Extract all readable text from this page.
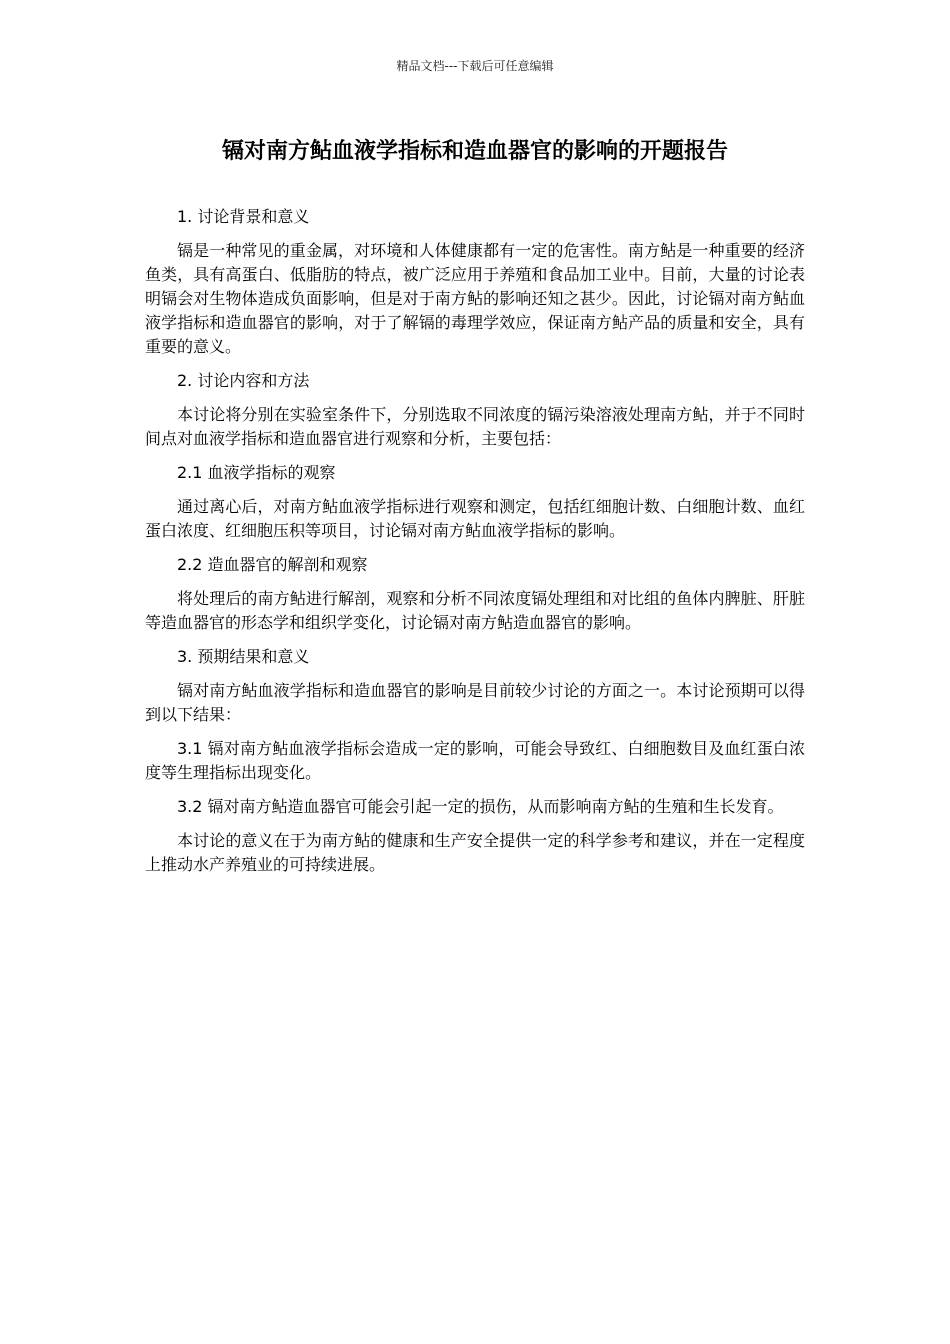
精品文档---下载后可任意编辑
镉对南方鲇血液学指标和造血器官的影响的开题报告

1. 讨论背景和意义

镉是一种常见的重金属，对环境和人体健康都有一定的危害性。南方鲇是一种重要的经济鱼类，具有高蛋白、低脂肪的特点，被广泛应用于养殖和食品加工业中。目前，大量的讨论表明镉会对生物体造成负面影响，但是对于南方鲇的影响还知之甚少。因此，讨论镉对南方鲇血液学指标和造血器官的影响，对于了解镉的毒理学效应，保证南方鲇产品的质量和安全，具有重要的意义。

2. 讨论内容和方法

本讨论将分别在实验室条件下，分别选取不同浓度的镉污染溶液处理南方鲇，并于不同时间点对血液学指标和造血器官进行观察和分析，主要包括：

2.1 血液学指标的观察

通过离心后，对南方鲇血液学指标进行观察和测定，包括红细胞计数、白细胞计数、血红蛋白浓度、红细胞压积等项目，讨论镉对南方鲇血液学指标的影响。

2.2 造血器官的解剖和观察

将处理后的南方鲇进行解剖，观察和分析不同浓度镉处理组和对比组的鱼体内脾脏、肝脏等造血器官的形态学和组织学变化，讨论镉对南方鲇造血器官的影响。

3. 预期结果和意义

镉对南方鲇血液学指标和造血器官的影响是目前较少讨论的方面之一。本讨论预期可以得到以下结果：

3.1 镉对南方鲇血液学指标会造成一定的影响，可能会导致红、白细胞数目及血红蛋白浓度等生理指标出现变化。

3.2 镉对南方鲇造血器官可能会引起一定的损伤，从而影响南方鲇的生殖和生长发育。

本讨论的意义在于为南方鲇的健康和生产安全提供一定的科学参考和建议，并在一定程度上推动水产养殖业的可持续进展。
